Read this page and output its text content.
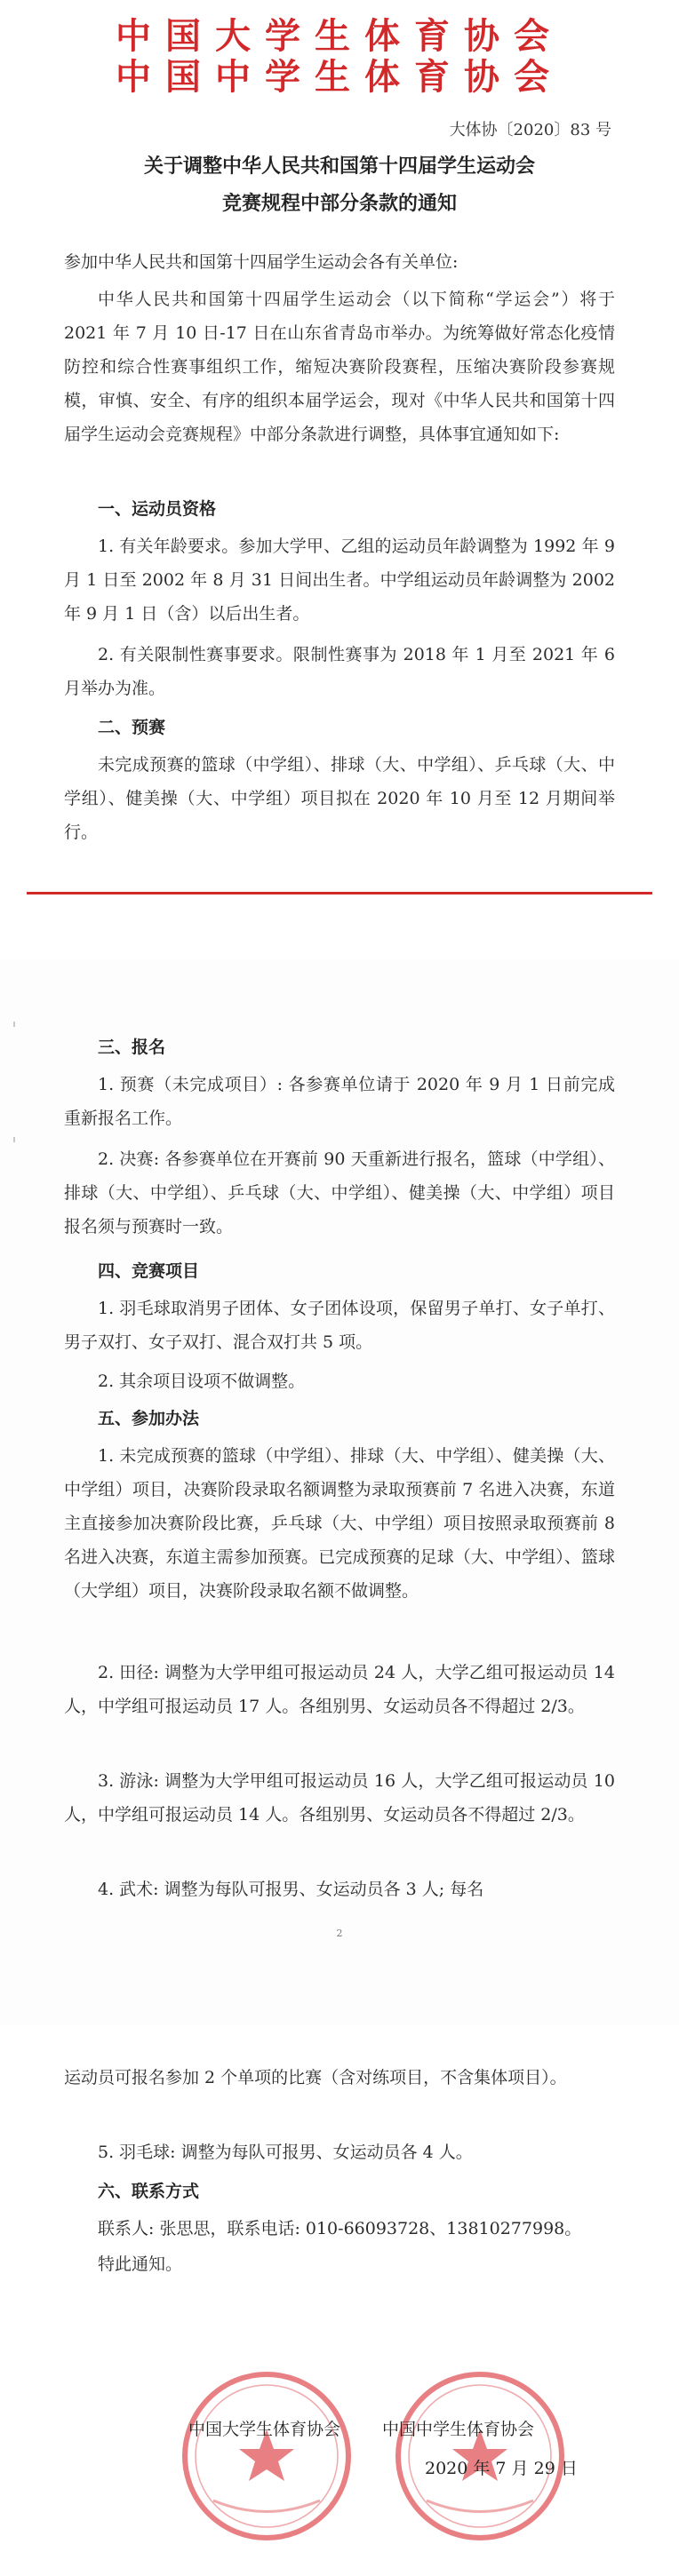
中国大学生体育协会
中国中学生体育协会
大体协〔2020〕83 号
关于调整中华人民共和国第十四届学生运动会
竞赛规程中部分条款的通知
参加中华人民共和国第十四届学生运动会各有关单位:
中华人民共和国第十四届学生运动会（以下简称“学运会”）将于 2021 年 7 月 10 日-17 日在山东省青岛市举办。为统筹做好常态化疫情防控和综合性赛事组织工作，缩短决赛阶段赛程，压缩决赛阶段参赛规模，审慎、安全、有序的组织本届学运会，现对《中华人民共和国第十四届学生运动会竞赛规程》中部分条款进行调整，具体事宜通知如下:
一、运动员资格
1. 有关年龄要求。参加大学甲、乙组的运动员年龄调整为 1992 年 9 月 1 日至 2002 年 8 月 31 日间出生者。中学组运动员年龄调整为 2002 年 9 月 1 日（含）以后出生者。
2. 有关限制性赛事要求。限制性赛事为 2018 年 1 月至 2021 年 6 月举办为准。
二、预赛
未完成预赛的篮球（中学组）、排球（大、中学组）、乒乓球（大、中学组）、健美操（大、中学组）项目拟在 2020 年 10 月至 12 月期间举行。
三、报名
1. 预赛（未完成项目）: 各参赛单位请于 2020 年 9 月 1 日前完成重新报名工作。
2. 决赛: 各参赛单位在开赛前 90 天重新进行报名，篮球（中学组）、排球（大、中学组）、乒乓球（大、中学组）、健美操（大、中学组）项目报名须与预赛时一致。
四、竞赛项目
1. 羽毛球取消男子团体、女子团体设项，保留男子单打、女子单打、男子双打、女子双打、混合双打共 5 项。
2. 其余项目设项不做调整。
五、参加办法
1. 未完成预赛的篮球（中学组）、排球（大、中学组）、健美操（大、中学组）项目，决赛阶段录取名额调整为录取预赛前 7 名进入决赛，东道主直接参加决赛阶段比赛，乒乓球（大、中学组）项目按照录取预赛前 8 名进入决赛，东道主需参加预赛。已完成预赛的足球（大、中学组）、篮球（大学组）项目，决赛阶段录取名额不做调整。
2. 田径: 调整为大学甲组可报运动员 24 人，大学乙组可报运动员 14 人，中学组可报运动员 17 人。各组别男、女运动员各不得超过 2/3。
3. 游泳: 调整为大学甲组可报运动员 16 人，大学乙组可报运动员 10 人，中学组可报运动员 14 人。各组别男、女运动员各不得超过 2/3。
4. 武术: 调整为每队可报男、女运动员各 3 人; 每名
2
运动员可报名参加 2 个单项的比赛（含对练项目，不含集体项目）。
5. 羽毛球: 调整为每队可报男、女运动员各 4 人。
六、联系方式
联系人: 张思思，联系电话: 010-66093728、13810277998。
特此通知。
中国大学生体育协会 中国中学生体育协会
2020 年 7 月 29 日
